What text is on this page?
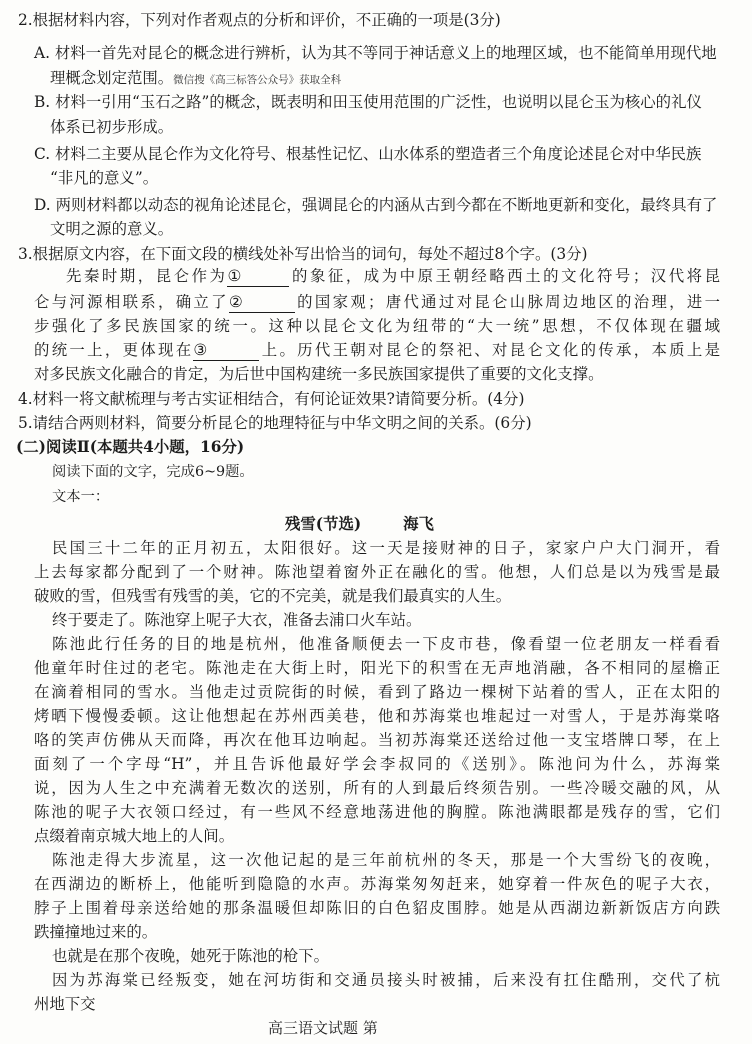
2.根据材料内容，下列对作者观点的分析和评价，不正确的一项是(3分)
A. 材料一首先对昆仑的概念进行辨析，认为其不等同于神话意义上的地理区域，也不能简单用现代地
理概念划定范围。微信搜《高三标答公众号》获取全科
B. 材料一引用“玉石之路”的概念，既表明和田玉使用范围的广泛性，也说明以昆仑玉为核心的礼仪
体系已初步形成。
C. 材料二主要从昆仑作为文化符号、根基性记忆、山水体系的塑造者三个角度论述昆仑对中华民族
“非凡的意义”。
D. 两则材料都以动态的视角论述昆仑，强调昆仑的内涵从古到今都在不断地更新和变化，最终具有了
文明之源的意义。
3.根据原文内容，在下面文段的横线处补写出恰当的词句，每处不超过8个字。(3分)
先秦时期，昆仑作为①	的象征，成为中原王朝经略西土的文化符号；汉代将昆
仑与河源相联系，确立了②	的国家观；唐代通过对昆仑山脉周边地区的治理，进一
步强化了多民族国家的统一。这种以昆仑文化为纽带的“大一统”思想，不仅体现在疆域
的统一上，更体现在③	上。历代王朝对昆仑的祭祀、对昆仑文化的传承，本质上是
对多民族文化融合的肯定，为后世中国构建统一多民族国家提供了重要的文化支撑。
4.材料一将文献梳理与考古实证相结合，有何论证效果?请简要分析。(4分)
5.请结合两则材料，简要分析昆仑的地理特征与中华文明之间的关系。(6分)
(二)阅读Ⅱ(本题共4小题，16分)
阅读下面的文字，完成6~9题。
文本一：
残雪(节选)	海飞
民国三十二年的正月初五，太阳很好。这一天是接财神的日子，家家户户大门洞开，看
上去每家都分配到了一个财神。陈池望着窗外正在融化的雪。他想，人们总是以为残雪是最
破败的雪，但残雪有残雪的美，它的不完美，就是我们最真实的人生。
终于要走了。陈池穿上呢子大衣，准备去浦口火车站。
陈池此行任务的目的地是杭州，他准备顺便去一下皮市巷，像看望一位老朋友一样看看
他童年时住过的老宅。陈池走在大街上时，阳光下的积雪在无声地消融，各不相同的屋檐正
在滴着相同的雪水。当他走过贡院街的时候，看到了路边一棵树下站着的雪人，正在太阳的
烤晒下慢慢委顿。这让他想起在苏州西美巷，他和苏海棠也堆起过一对雪人，于是苏海棠咯
咯的笑声仿佛从天而降，再次在他耳边响起。当初苏海棠还送给过他一支宝塔牌口琴，在上
面刻了一个字母“H”，并且告诉他最好学会李叔同的《送别》。陈池问为什么，苏海棠
说，因为人生之中充满着无数次的送别，所有的人到最后终须告别。一些冷暖交融的风，从
陈池的呢子大衣领口经过，有一些风不经意地荡进他的胸膛。陈池满眼都是残存的雪，它们
点缀着南京城大地上的人间。
陈池走得大步流星，这一次他记起的是三年前杭州的冬天，那是一个大雪纷飞的夜晚，
在西湖边的断桥上，他能听到隐隐的水声。苏海棠匆匆赶来，她穿着一件灰色的呢子大衣，
脖子上围着母亲送给她的那条温暖但却陈旧的白色貂皮围脖。她是从西湖边新新饭店方向跌
跌撞撞地过来的。
也就是在那个夜晚，她死于陈池的枪下。
因为苏海棠已经叛变，她在河坊街和交通员接头时被捕，后来没有扛住酷刑，交代了杭
州地下交
高三语文试题 第
